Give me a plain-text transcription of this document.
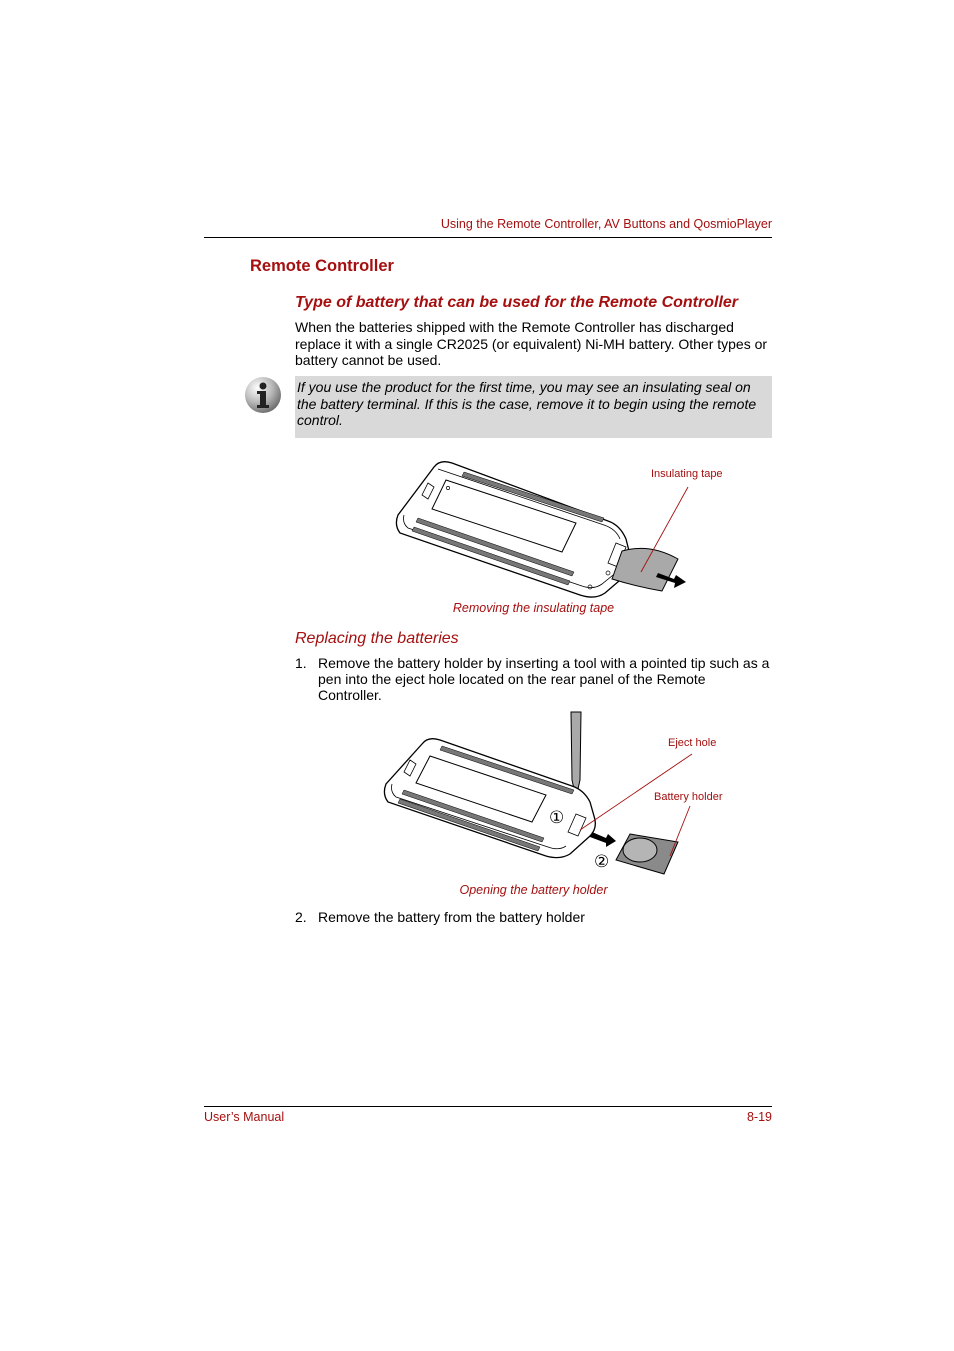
Using the Remote Controller, AV Buttons and QosmioPlayer
Remote Controller
Type of battery that can be used for the Remote Controller
When the batteries shipped with the Remote Controller has discharged replace it with a single CR2025 (or equivalent) Ni-MH battery. Other types or battery cannot be used.
If you use the product for the first time, you may see an insulating seal on the battery terminal. If this is the case, remove it to begin using the remote control.
Insulating tape
Removing the insulating tape
Replacing the batteries
1. Remove the battery holder by inserting a tool with a pointed tip such as a pen into the eject hole located on the rear panel of the Remote Controller.
①
②
Eject hole
Battery holder
Opening the battery holder
2. Remove the battery from the battery holder
User’s Manual	8-19
